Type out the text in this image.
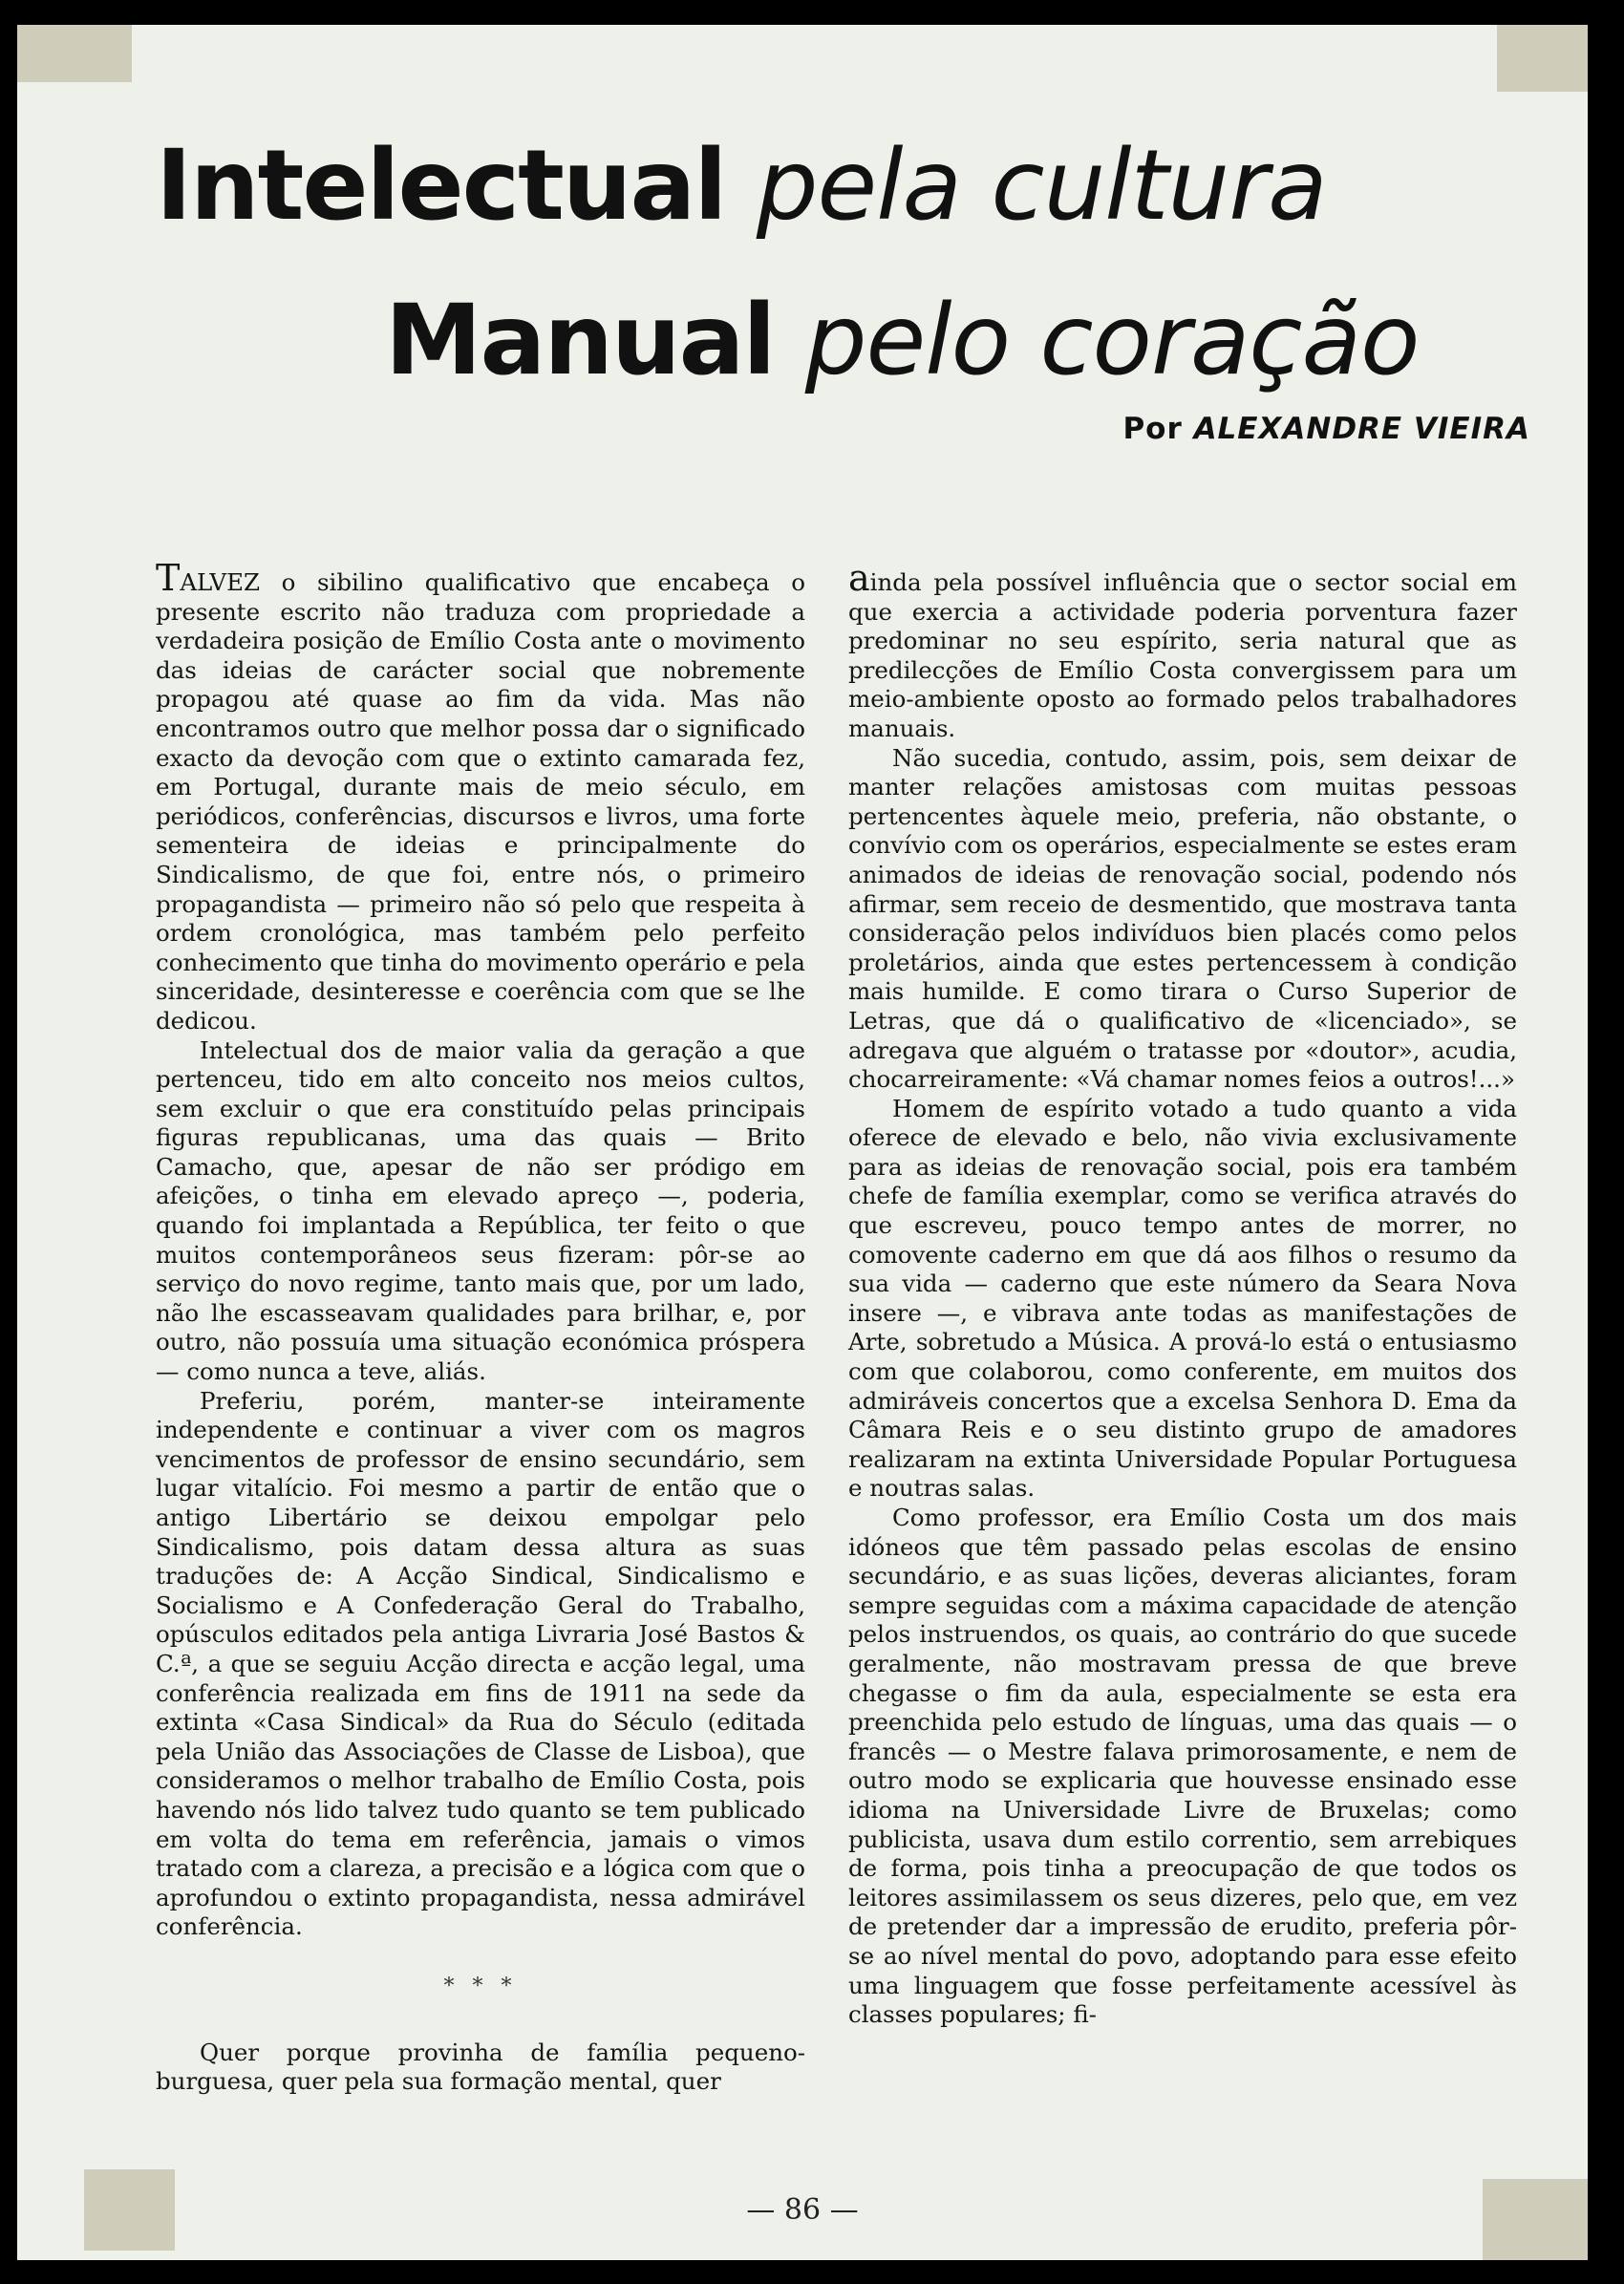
Intelectual pela cultura
Manual pelo coração
Por ALEXANDRE VIEIRA

TALVEZ o sibilino qualificativo que encabeça o presente escrito não traduza com propriedade a verdadeira posição de Emílio Costa ante o movimento das ideias de carácter social que nobremente propagou até quase ao fim da vida. Mas não encontramos outro que melhor possa dar o significado exacto da devoção com que o extinto camarada fez, em Portugal, durante mais de meio século, em periódicos, conferências, discursos e livros, uma forte sementeira de ideias e principalmente do Sindicalismo, de que foi, entre nós, o primeiro propagandista — primeiro não só pelo que respeita à ordem cronológica, mas também pelo perfeito conhecimento que tinha do movimento operário e pela sinceridade, desinteresse e coerência com que se lhe dedicou.

Intelectual dos de maior valia da geração a que pertenceu, tido em alto conceito nos meios cultos, sem excluir o que era constituído pelas principais figuras republicanas, uma das quais — Brito Camacho, que, apesar de não ser pródigo em afeições, o tinha em elevado apreço —, poderia, quando foi implantada a República, ter feito o que muitos contemporâneos seus fizeram: pôr-se ao serviço do novo regime, tanto mais que, por um lado, não lhe escasseavam qualidades para brilhar, e, por outro, não possuía uma situação económica próspera — como nunca a teve, aliás.

Preferiu, porém, manter-se inteiramente independente e continuar a viver com os magros vencimentos de professor de ensino secundário, sem lugar vitalício. Foi mesmo a partir de então que o antigo Libertário se deixou empolgar pelo Sindicalismo, pois datam dessa altura as suas traduções de: A Acção Sindical, Sindicalismo e Socialismo e A Confederação Geral do Trabalho, opúsculos editados pela antiga Livraria José Bastos & C.ª, a que se seguiu Acção directa e acção legal, uma conferência realizada em fins de 1911 na sede da extinta «Casa Sindical» da Rua do Século (editada pela União das Associações de Classe de Lisboa), que consideramos o melhor trabalho de Emílio Costa, pois havendo nós lido talvez tudo quanto se tem publicado em volta do tema em referência, jamais o vimos tratado com a clareza, a precisão e a lógica com que o aprofundou o extinto propagandista, nessa admirável conferência.

* * *

Quer porque provinha de família pequeno-burguesa, quer pela sua formação mental, quer

ainda pela possível influência que o sector social em que exercia a actividade poderia porventura fazer predominar no seu espírito, seria natural que as predilecções de Emílio Costa convergissem para um meio-ambiente oposto ao formado pelos trabalhadores manuais.

Não sucedia, contudo, assim, pois, sem deixar de manter relações amistosas com muitas pessoas pertencentes àquele meio, preferia, não obstante, o convívio com os operários, especialmente se estes eram animados de ideias de renovação social, podendo nós afirmar, sem receio de desmentido, que mostrava tanta consideração pelos indivíduos bien placés como pelos proletários, ainda que estes pertencessem à condição mais humilde. E como tirara o Curso Superior de Letras, que dá o qualificativo de «licenciado», se adregava que alguém o tratasse por «doutor», acudia, chocarreiramente: «Vá chamar nomes feios a outros!...»

Homem de espírito votado a tudo quanto a vida oferece de elevado e belo, não vivia exclusivamente para as ideias de renovação social, pois era também chefe de família exemplar, como se verifica através do que escreveu, pouco tempo antes de morrer, no comovente caderno em que dá aos filhos o resumo da sua vida — caderno que este número da Seara Nova insere —, e vibrava ante todas as manifestações de Arte, sobretudo a Música. A prová-lo está o entusiasmo com que colaborou, como conferente, em muitos dos admiráveis concertos que a excelsa Senhora D. Ema da Câmara Reis e o seu distinto grupo de amadores realizaram na extinta Universidade Popular Portuguesa e noutras salas.

Como professor, era Emílio Costa um dos mais idóneos que têm passado pelas escolas de ensino secundário, e as suas lições, deveras aliciantes, foram sempre seguidas com a máxima capacidade de atenção pelos instruendos, os quais, ao contrário do que sucede geralmente, não mostravam pressa de que breve chegasse o fim da aula, especialmente se esta era preenchida pelo estudo de línguas, uma das quais — o francês — o Mestre falava primorosamente, e nem de outro modo se explicaria que houvesse ensinado esse idioma na Universidade Livre de Bruxelas; como publicista, usava dum estilo correntio, sem arrebiques de forma, pois tinha a preocupação de que todos os leitores assimilassem os seus dizeres, pelo que, em vez de pretender dar a impressão de erudito, preferia pôr-se ao nível mental do povo, adoptando para esse efeito uma linguagem que fosse perfeitamente acessível às classes populares; fi-

— 86 —
